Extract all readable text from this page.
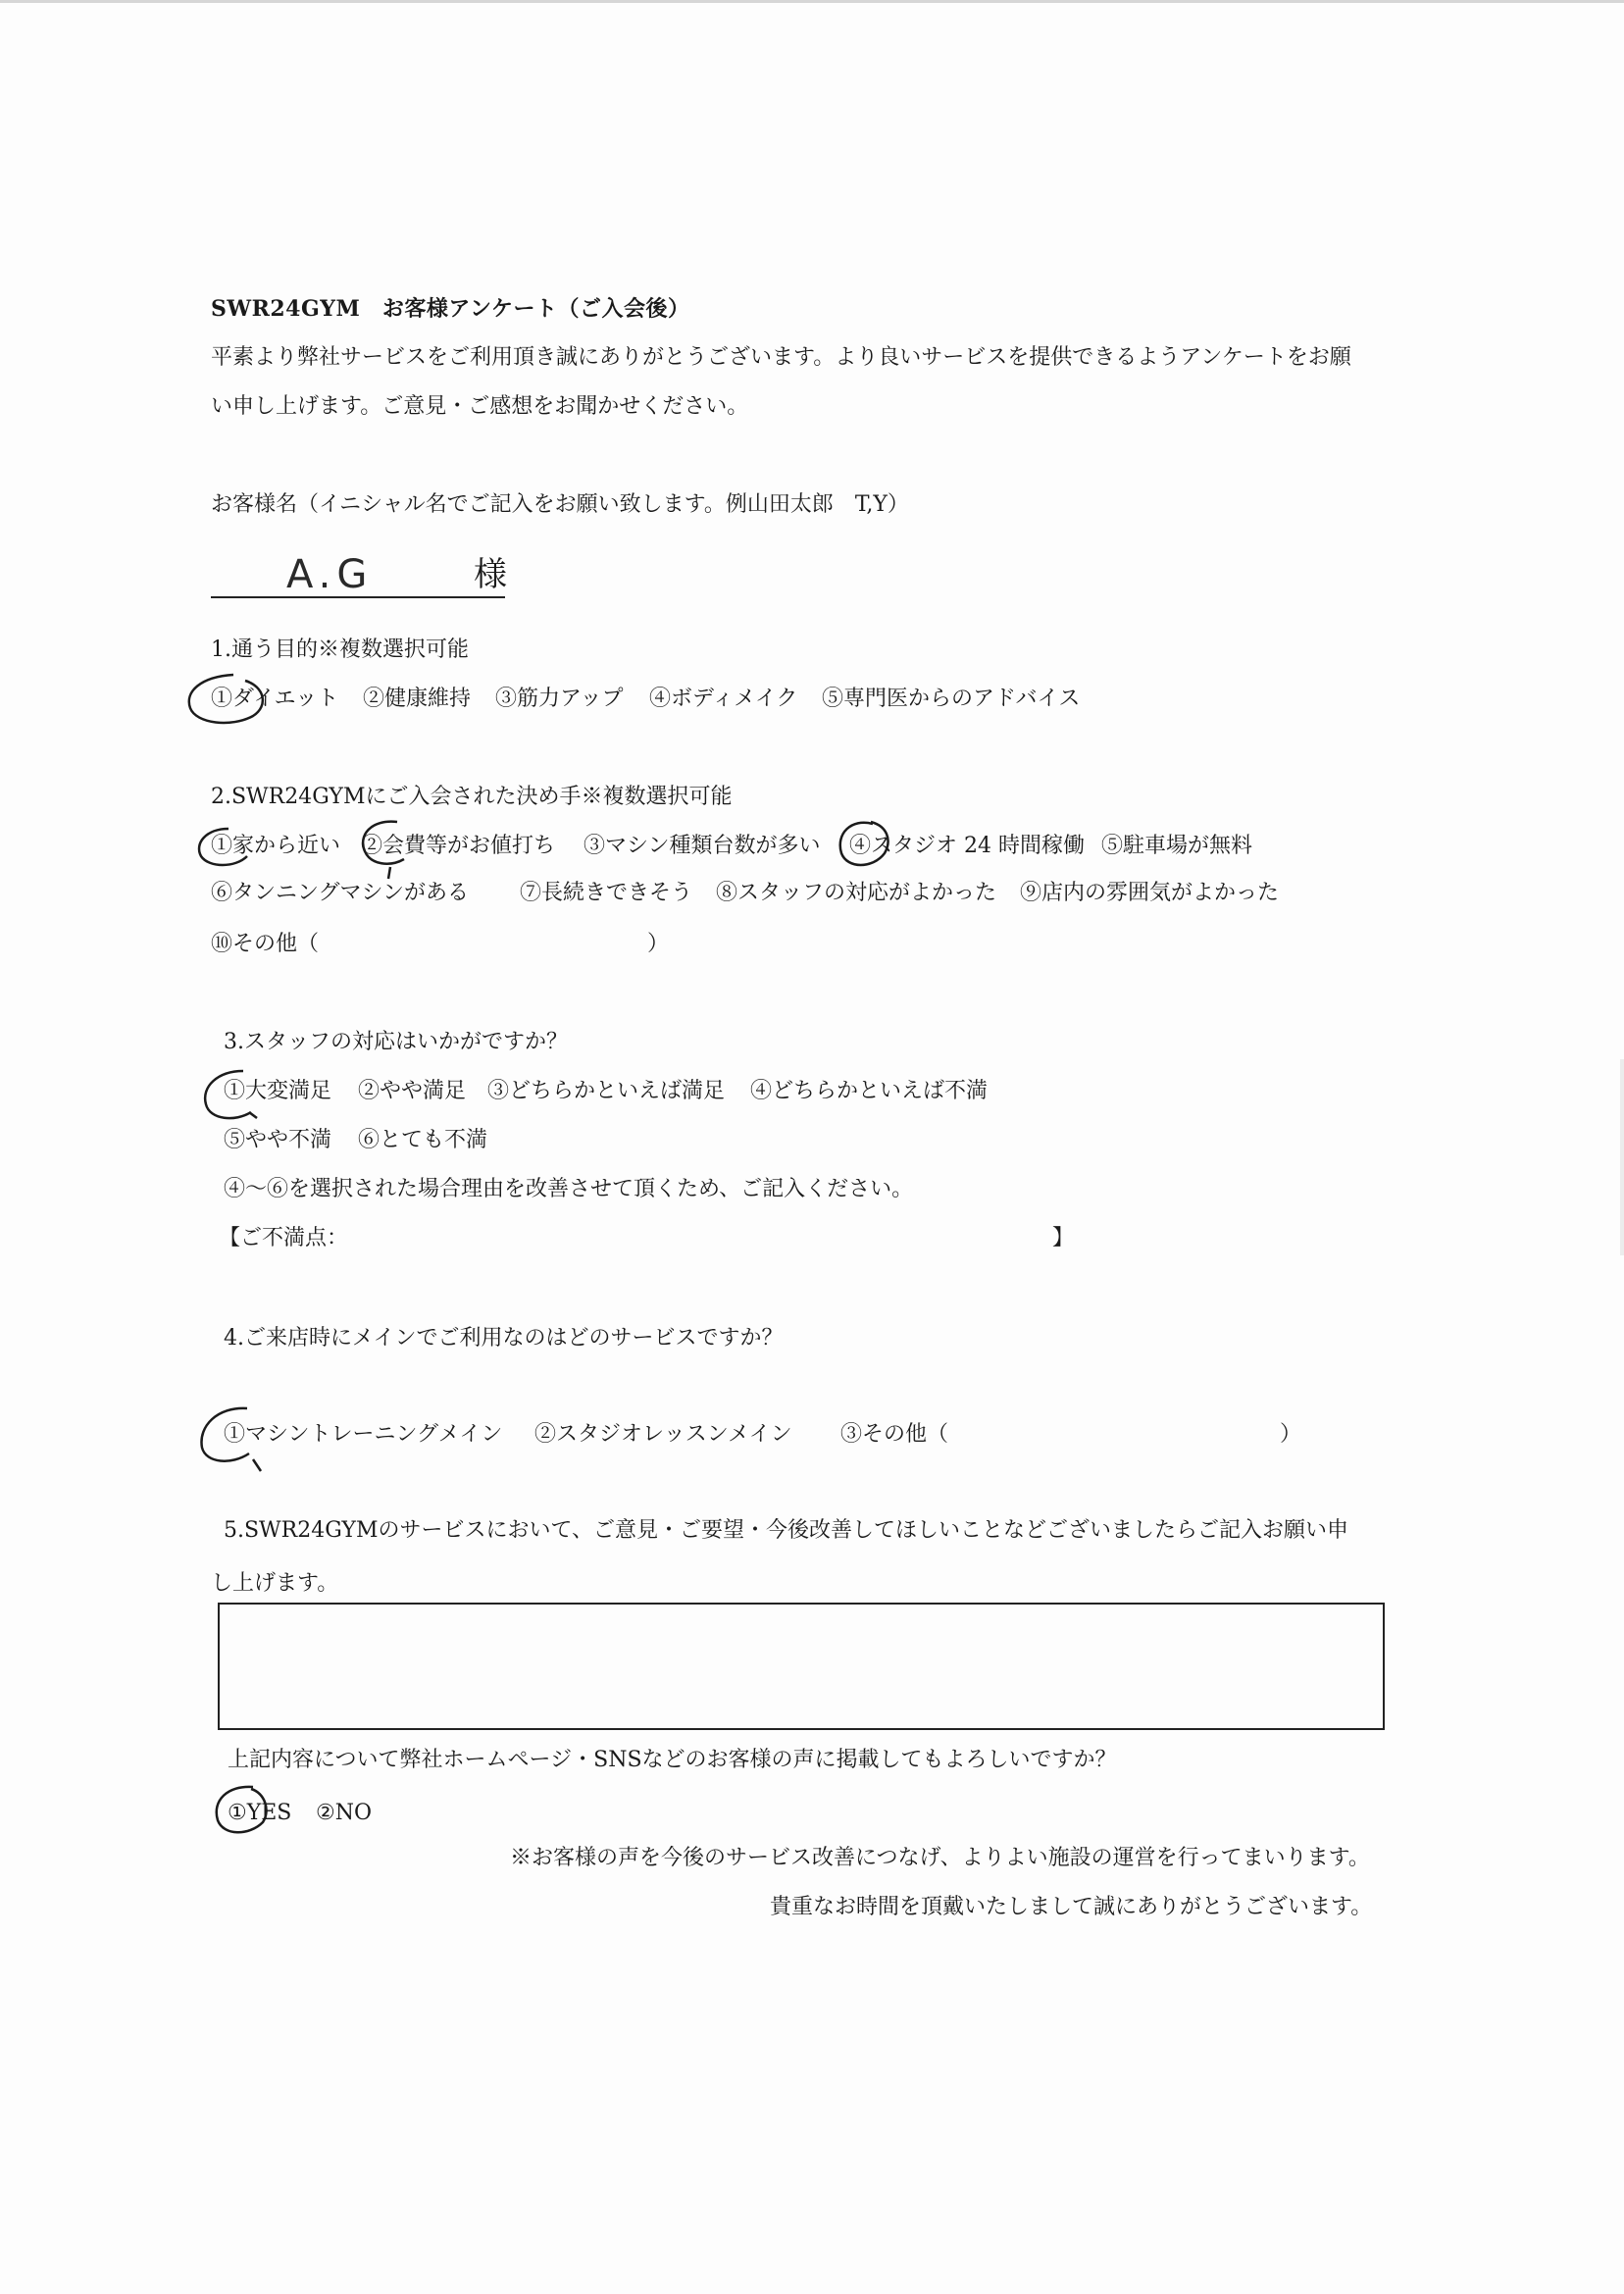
SWR24GYM　お客様アンケート（ご入会後）
平素より弊社サービスをご利用頂き誠にありがとうございます。より良いサービスを提供できるようアンケートをお願
い申し上げます。ご意見・ご感想をお聞かせください。
お客様名（イニシャル名でご記入をお願い致します。例山田太郎　T,Y）
A.G	様
1.通う目的※複数選択可能
①ダイエット ②健康維持 ③筋力アップ ④ボディメイク ⑤専門医からのアドバイス
2.SWR24GYMにご入会された決め手※複数選択可能
①家から近い ②会費等がお値打ち ③マシン種類台数が多い ④スタジオ 24 時間稼働 ⑤駐車場が無料
⑥タンニングマシンがある ⑦長続きできそう ⑧スタッフの対応がよかった ⑨店内の雰囲気がよかった
⑩その他（	）
3.スタッフの対応はいかがですか？
①大変満足 ②やや満足 ③どちらかといえば満足 ④どちらかといえば不満
⑤やや不満 ⑥とても不満
④～⑥を選択された場合理由を改善させて頂くため、ご記入ください。
【ご不満点：	】
4.ご来店時にメインでご利用なのはどのサービスですか？
①マシントレーニングメイン ②スタジオレッスンメイン ③その他（	）
5.SWR24GYMのサービスにおいて、ご意見・ご要望・今後改善してほしいことなどございましたらご記入お願い申
し上げます。
上記内容について弊社ホームページ・SNSなどのお客様の声に掲載してもよろしいですか？
①YES ②NO
※お客様の声を今後のサービス改善につなげ、よりよい施設の運営を行ってまいります。
貴重なお時間を頂戴いたしまして誠にありがとうございます。
